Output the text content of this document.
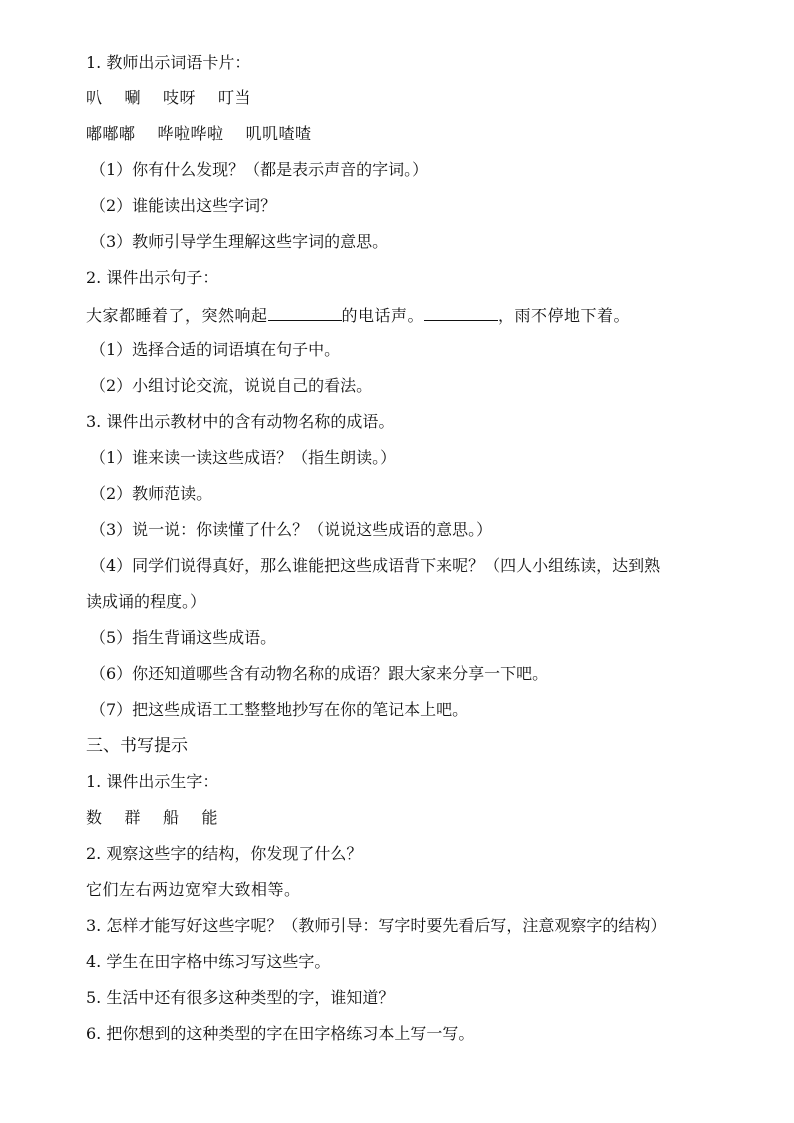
1. 教师出示词语卡片：
叭 唰 吱呀 叮当
嘟嘟嘟 哗啦哗啦 叽叽喳喳
（1）你有什么发现？（都是表示声音的字词。）
（2）谁能读出这些字词？
（3）教师引导学生理解这些字词的意思。
2. 课件出示句子：
大家都睡着了，突然响起	的电话声。	，雨不停地下着。
（1）选择合适的词语填在句子中。
（2）小组讨论交流，说说自己的看法。
3. 课件出示教材中的含有动物名称的成语。
（1）谁来读一读这些成语？（指生朗读。）
（2）教师范读。
（3）说一说：你读懂了什么？（说说这些成语的意思。）
（4）同学们说得真好，那么谁能把这些成语背下来呢？（四人小组练读，达到熟
读成诵的程度。）
（5）指生背诵这些成语。
（6）你还知道哪些含有动物名称的成语？跟大家来分享一下吧。
（7）把这些成语工工整整地抄写在你的笔记本上吧。
三、书写提示
1. 课件出示生字：
数 群 船 能
2. 观察这些字的结构，你发现了什么？
它们左右两边宽窄大致相等。
3. 怎样才能写好这些字呢？（教师引导：写字时要先看后写，注意观察字的结构）
4. 学生在田字格中练习写这些字。
5. 生活中还有很多这种类型的字，谁知道？
6. 把你想到的这种类型的字在田字格练习本上写一写。
